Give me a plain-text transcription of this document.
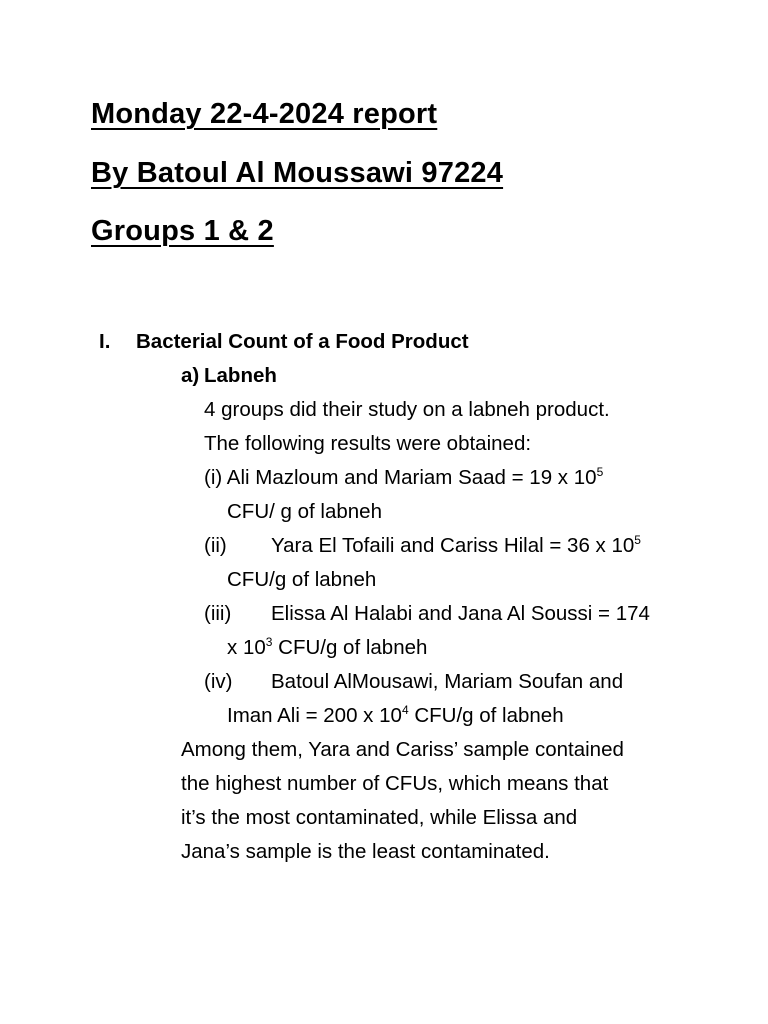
Monday 22-4-2024 report
By Batoul Al Moussawi 97224
Groups 1 & 2
I. Bacterial Count of a Food Product
a) Labneh
4 groups did their study on a labneh product.
The following results were obtained:
(i) Ali Mazloum and Mariam Saad = 19 x $10^5$
CFU/ g of labneh
(ii) Yara El Tofaili and Cariss Hilal = 36 x $10^5$
CFU/g of labneh
(iii) Elissa Al Halabi and Jana Al Soussi = 174
x $10^3$ CFU/g of labneh
(iv) Batoul AlMousawi, Mariam Soufan and
Iman Ali = 200 x $10^4$ CFU/g of labneh
Among them, Yara and Cariss’ sample contained
the highest number of CFUs, which means that
it’s the most contaminated, while Elissa and
Jana’s sample is the least contaminated.
